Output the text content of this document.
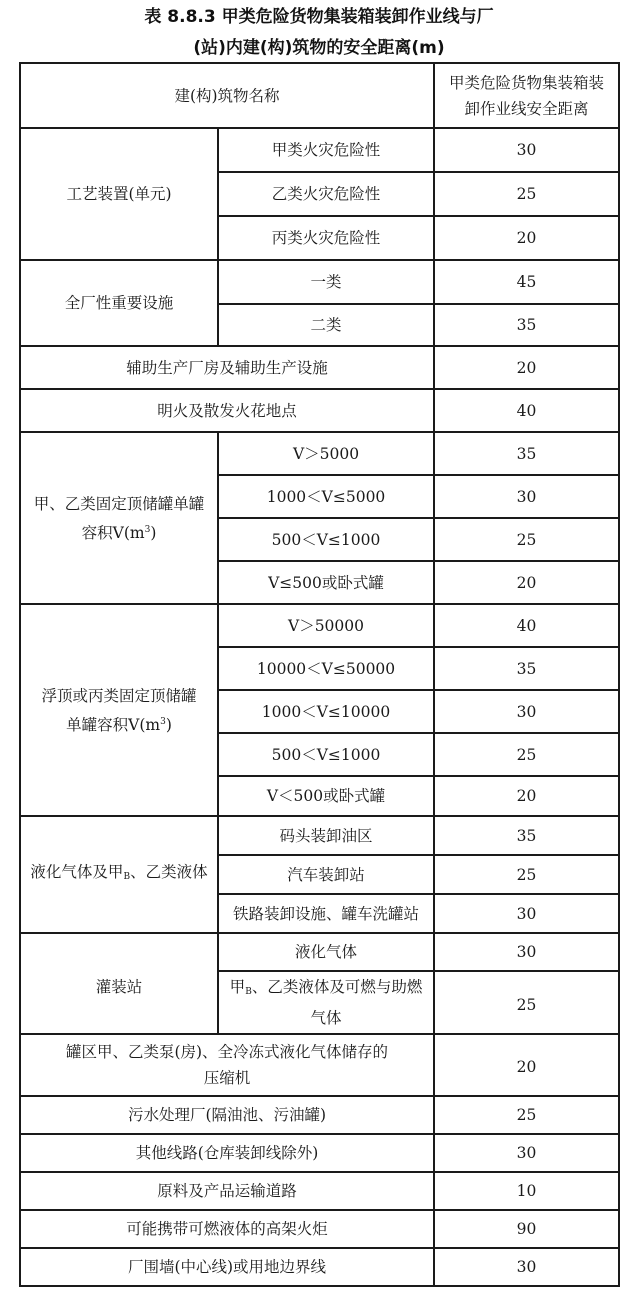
表 8.8.3 甲类危险货物集装箱装卸作业线与厂
(站)内建(构)筑物的安全距离(m)
建(构)筑物名称		甲类危险货物集装箱装
卸作业线安全距离

工艺装置(单元)	甲类火灾危险性	30
	乙类火灾危险性	25
	丙类火灾危险性	20
全厂性重要设施	一类	45
	二类	35
辅助生产厂房及辅助生产设施		20
明火及散发火花地点		40

甲、乙类固定顶储罐单罐
容积$V(m^3)$	V＞5000	35
	1000＜V≤5000	30
	500＜V≤1000	25
	V≤500或卧式罐	20

浮顶或丙类固定顶储罐
单罐容积$V(m^3)$	V＞50000	40
	10000＜V≤50000	35
	1000＜V≤10000	30
	500＜V≤1000	25
	V＜500或卧式罐	20
液化气体及甲$_B$、乙类液体	码头装卸油区	35
	汽车装卸站	25
	铁路装卸设施、罐车洗罐站	30
灌装站	液化气体	30

	甲$_B$、乙类液体及可燃与助燃
气体	25

罐区甲、乙类泵(房)、全冷冻式液化气体储存的
压缩机		20
污水处理厂(隔油池、污油罐)		25
其他线路(仓库装卸线除外)		30
原料及产品运输道路		10
可能携带可燃液体的高架火炬		90
厂围墙(中心线)或用地边界线		30
